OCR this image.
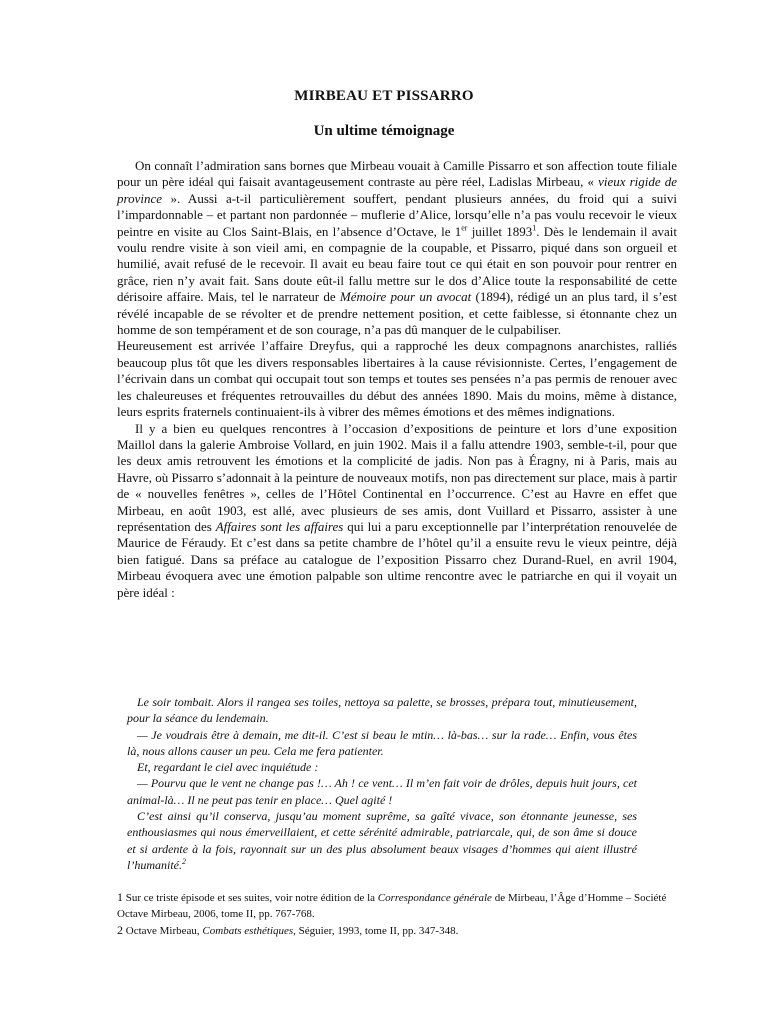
MIRBEAU ET PISSARRO
Un ultime témoignage

On connaît l’admiration sans bornes que Mirbeau vouait à Camille Pissarro et son affection toute filiale pour un père idéal qui faisait avantageusement contraste au père réel, Ladislas Mirbeau, « vieux rigide de province ». Aussi a-t-il particulièrement souffert, pendant plusieurs années, du froid qui a suivi l’impardonnable – et partant non pardonnée – muflerie d’Alice, lorsqu’elle n’a pas voulu recevoir le vieux peintre en visite au Clos Saint-Blais, en l’absence d’Octave, le 1er juillet 1893$^1$. Dès le lendemain il avait voulu rendre visite à son vieil ami, en compagnie de la coupable, et Pissarro, piqué dans son orgueil et humilié, avait refusé de le recevoir. Il avait eu beau faire tout ce qui était en son pouvoir pour rentrer en grâce, rien n’y avait fait. Sans doute eût-il fallu mettre sur le dos d’Alice toute la responsabilité de cette dérisoire affaire. Mais, tel le narrateur de Mémoire pour un avocat (1894), rédigé un an plus tard, il s’est révélé incapable de se révolter et de prendre nettement position, et cette faiblesse, si étonnante chez un homme de son tempérament et de son courage, n’a pas dû manquer de le culpabiliser.

Heureusement est arrivée l’affaire Dreyfus, qui a rapproché les deux compagnons anarchistes, ralliés beaucoup plus tôt que les divers responsables libertaires à la cause révisionniste. Certes, l’engagement de l’écrivain dans un combat qui occupait tout son temps et toutes ses pensées n’a pas permis de renouer avec les chaleureuses et fréquentes retrouvailles du début des années 1890. Mais du moins, même à distance, leurs esprits fraternels continuaient-ils à vibrer des mêmes émotions et des mêmes indignations.

Il y a bien eu quelques rencontres à l’occasion d’expositions de peinture et lors d’une exposition Maillol dans la galerie Ambroise Vollard, en juin 1902. Mais il a fallu attendre 1903, semble-t-il, pour que les deux amis retrouvent les émotions et la complicité de jadis. Non pas à Éragny, ni à Paris, mais au Havre, où Pissarro s’adonnait à la peinture de nouveaux motifs, non pas directement sur place, mais à partir de « nouvelles fenêtres », celles de l’Hôtel Continental en l’occurrence. C’est au Havre en effet que Mirbeau, en août 1903, est allé, avec plusieurs de ses amis, dont Vuillard et Pissarro, assister à une représentation des Affaires sont les affaires qui lui a paru exceptionnelle par l’interprétation renouvelée de Maurice de Féraudy. Et c’est dans sa petite chambre de l’hôtel qu’il a ensuite revu le vieux peintre, déjà bien fatigué. Dans sa préface au catalogue de l’exposition Pissarro chez Durand-Ruel, en avril 1904, Mirbeau évoquera avec une émotion palpable son ultime rencontre avec le patriarche en qui il voyait un père idéal :

Le soir tombait. Alors il rangea ses toiles, nettoya sa palette, se brosses, prépara tout, minutieusement, pour la séance du lendemain.

— Je voudrais être à demain, me dit-il. C’est si beau le mtin… là-bas… sur la rade… Enfin, vous êtes là, nous allons causer un peu. Cela me fera patienter.

Et, regardant le ciel avec inquiétude :

— Pourvu que le vent ne change pas !… Ah ! ce vent… Il m’en fait voir de drôles, depuis huit jours, cet animal-là… Il ne peut pas tenir en place… Quel agité !

C’est ainsi qu’il conserva, jusqu’au moment suprême, sa gaîté vivace, son étonnante jeunesse, ses enthousiasmes qui nous émerveillaient, et cette sérénité admirable, patriarcale, qui, de son âme si douce et si ardente à la fois, rayonnait sur un des plus absolument beaux visages d’hommes qui aient illustré l’humanité.$^2$

1 Sur ce triste épisode et ses suites, voir notre édition de la Correspondance générale de Mirbeau, l’Âge d’Homme – Société Octave Mirbeau, 2006, tome II, pp. 767-768.

2 Octave Mirbeau, Combats esthétiques, Séguier, 1993, tome II, pp. 347-348.
